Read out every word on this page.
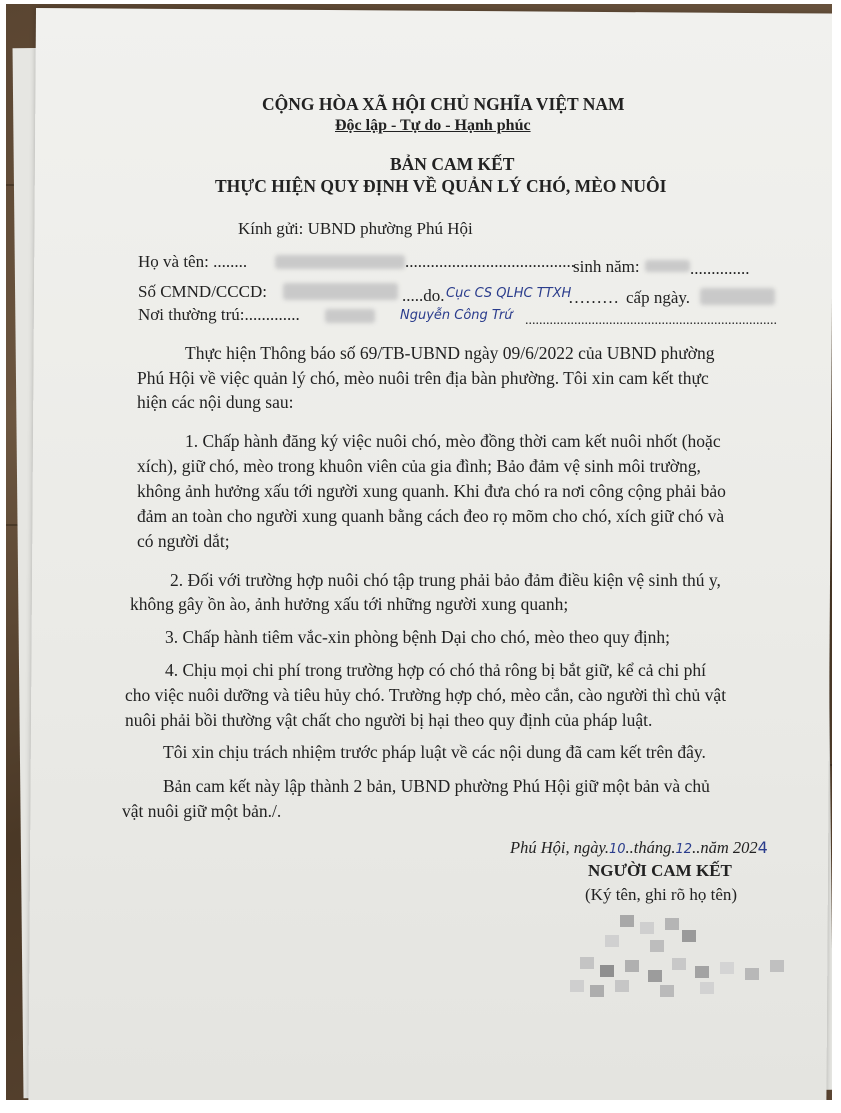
CỘNG HÒA XÃ HỘI CHỦ NGHĨA VIỆT NAM
Độc lập - Tự do - Hạnh phúc
BẢN CAM KẾT
THỰC HIỆN QUY ĐỊNH VỀ QUẢN LÝ CHÓ, MÈO NUÔI
Kính gửi: UBND phường Phú Hội
Họ và tên: ........	........................................
sinh năm:	..............
Số CMND/CCCD:	.....do. Cục CS QLHC TTXH
……… cấp ngày.
Nơi thường trú:.............	Nguyễn Công Trứ ........................................................................
Thực hiện Thông báo số 69/TB-UBND ngày 09/6/2022 của UBND phường
Phú Hội về việc quản lý chó, mèo nuôi trên địa bàn phường. Tôi xin cam kết thực
hiện các nội dung sau:
1. Chấp hành đăng ký việc nuôi chó, mèo đồng thời cam kết nuôi nhốt (hoặc
xích), giữ chó, mèo trong khuôn viên của gia đình; Bảo đảm vệ sinh môi trường,
không ảnh hưởng xấu tới người xung quanh. Khi đưa chó ra nơi công cộng phải bảo
đảm an toàn cho người xung quanh bằng cách đeo rọ mõm cho chó, xích giữ chó và
có người dắt;
2. Đối với trường hợp nuôi chó tập trung phải bảo đảm điều kiện vệ sinh thú y,
không gây ồn ào, ảnh hưởng xấu tới những người xung quanh;
3. Chấp hành tiêm vắc-xin phòng bệnh Dại cho chó, mèo theo quy định;
4. Chịu mọi chi phí trong trường hợp có chó thả rông bị bắt giữ, kể cả chi phí
cho việc nuôi dưỡng và tiêu hủy chó. Trường hợp chó, mèo cắn, cào người thì chủ vật
nuôi phải bồi thường vật chất cho người bị hại theo quy định của pháp luật.
Tôi xin chịu trách nhiệm trước pháp luật về các nội dung đã cam kết trên đây.
Bản cam kết này lập thành 2 bản, UBND phường Phú Hội giữ một bản và chủ
vật nuôi giữ một bản./.
Phú Hội, ngày.10..tháng.12..năm 2024
NGƯỜI CAM KẾT
(Ký tên, ghi rõ họ tên)
